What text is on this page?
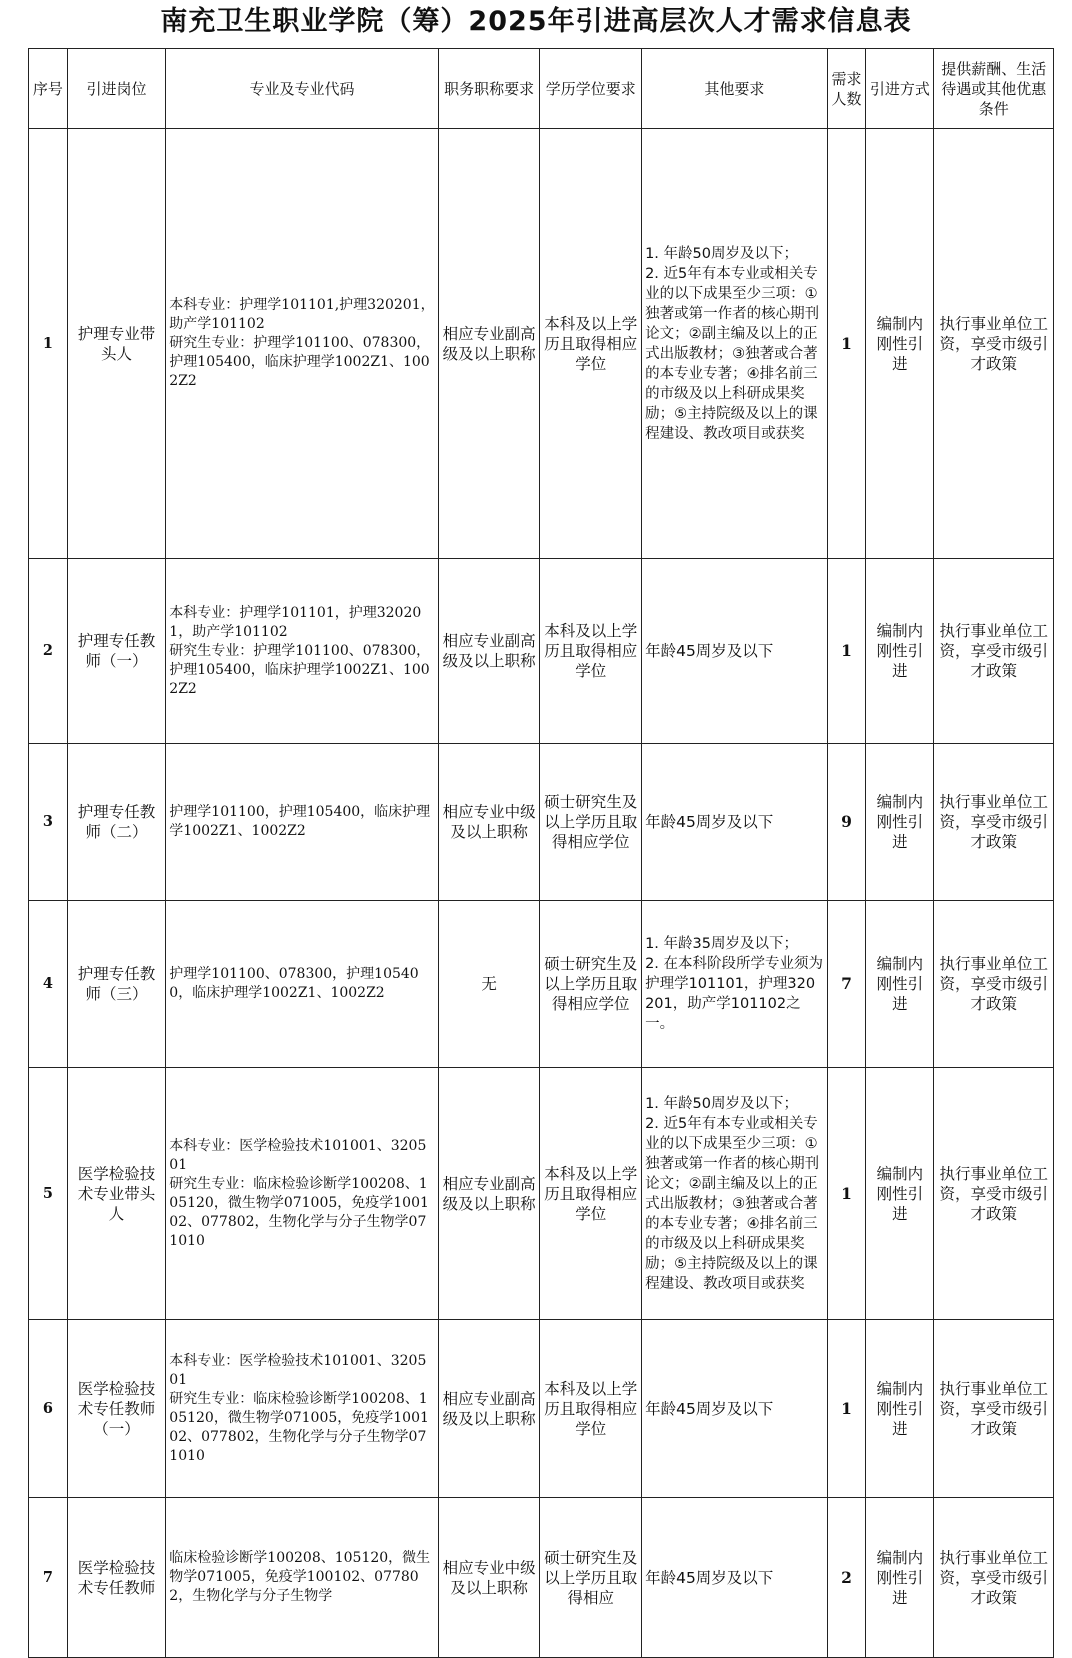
南充卫生职业学院（筹）2025年引进高层次人才需求信息表
序号	引进岗位	专业及专业代码	职务职称要求	学历学位要求	其他要求	需求人数	引进方式	提供薪酬、生活待遇或其他优惠条件
1	护理专业带头人	本科专业：护理学101101,护理320201，助产学101102
研究生专业：护理学101100、078300，护理105400，临床护理学1002Z1、1002Z2	相应专业副高级及以上职称	本科及以上学历且取得相应学位	1. 年龄50周岁及以下；
2. 近5年有本专业或相关专业的以下成果至少三项：①独著或第一作者的核心期刊论文；②副主编及以上的正式出版教材；③独著或合著的本专业专著；④排名前三的市级及以上科研成果奖励；⑤主持院级及以上的课程建设、教改项目或获奖	1	编制内刚性引进	执行事业单位工资，享受市级引才政策
2	护理专任教师（一）	本科专业：护理学101101，护理320201，助产学101102
研究生专业：护理学101100、078300，护理105400，临床护理学1002Z1、1002Z2	相应专业副高级及以上职称	本科及以上学历且取得相应学位	年龄45周岁及以下	1	编制内刚性引进	执行事业单位工资，享受市级引才政策
3	护理专任教师（二）	护理学101100，护理105400，临床护理学1002Z1、1002Z2	相应专业中级及以上职称	硕士研究生及以上学历且取得相应学位	年龄45周岁及以下	9	编制内刚性引进	执行事业单位工资，享受市级引才政策
4	护理专任教师（三）	护理学101100、078300，护理105400，临床护理学1002Z1、1002Z2	无	硕士研究生及以上学历且取得相应学位	1. 年龄35周岁及以下；
2. 在本科阶段所学专业须为护理学101101，护理320201，助产学101102之一。	7	编制内刚性引进	执行事业单位工资，享受市级引才政策
5	医学检验技术专业带头人	本科专业：医学检验技术101001、320501
研究生专业：临床检验诊断学100208、105120，微生物学071005，免疫学100102、077802，生物化学与分子生物学071010	相应专业副高级及以上职称	本科及以上学历且取得相应学位	1. 年龄50周岁及以下；
2. 近5年有本专业或相关专业的以下成果至少三项：①独著或第一作者的核心期刊论文；②副主编及以上的正式出版教材；③独著或合著的本专业专著；④排名前三的市级及以上科研成果奖励；⑤主持院级及以上的课程建设、教改项目或获奖	1	编制内刚性引进	执行事业单位工资，享受市级引才政策
6	医学检验技术专任教师（一）	本科专业：医学检验技术101001、320501
研究生专业：临床检验诊断学100208、105120，微生物学071005，免疫学100102、077802，生物化学与分子生物学071010	相应专业副高级及以上职称	本科及以上学历且取得相应学位	年龄45周岁及以下	1	编制内刚性引进	执行事业单位工资，享受市级引才政策
7	医学检验技术专任教师	临床检验诊断学100208、105120，微生物学071005，免疫学100102、077802，生物化学与分子生物学	相应专业中级及以上职称	硕士研究生及以上学历且取得相应	年龄45周岁及以下	2	编制内刚性引进	执行事业单位工资，享受市级引才政策
